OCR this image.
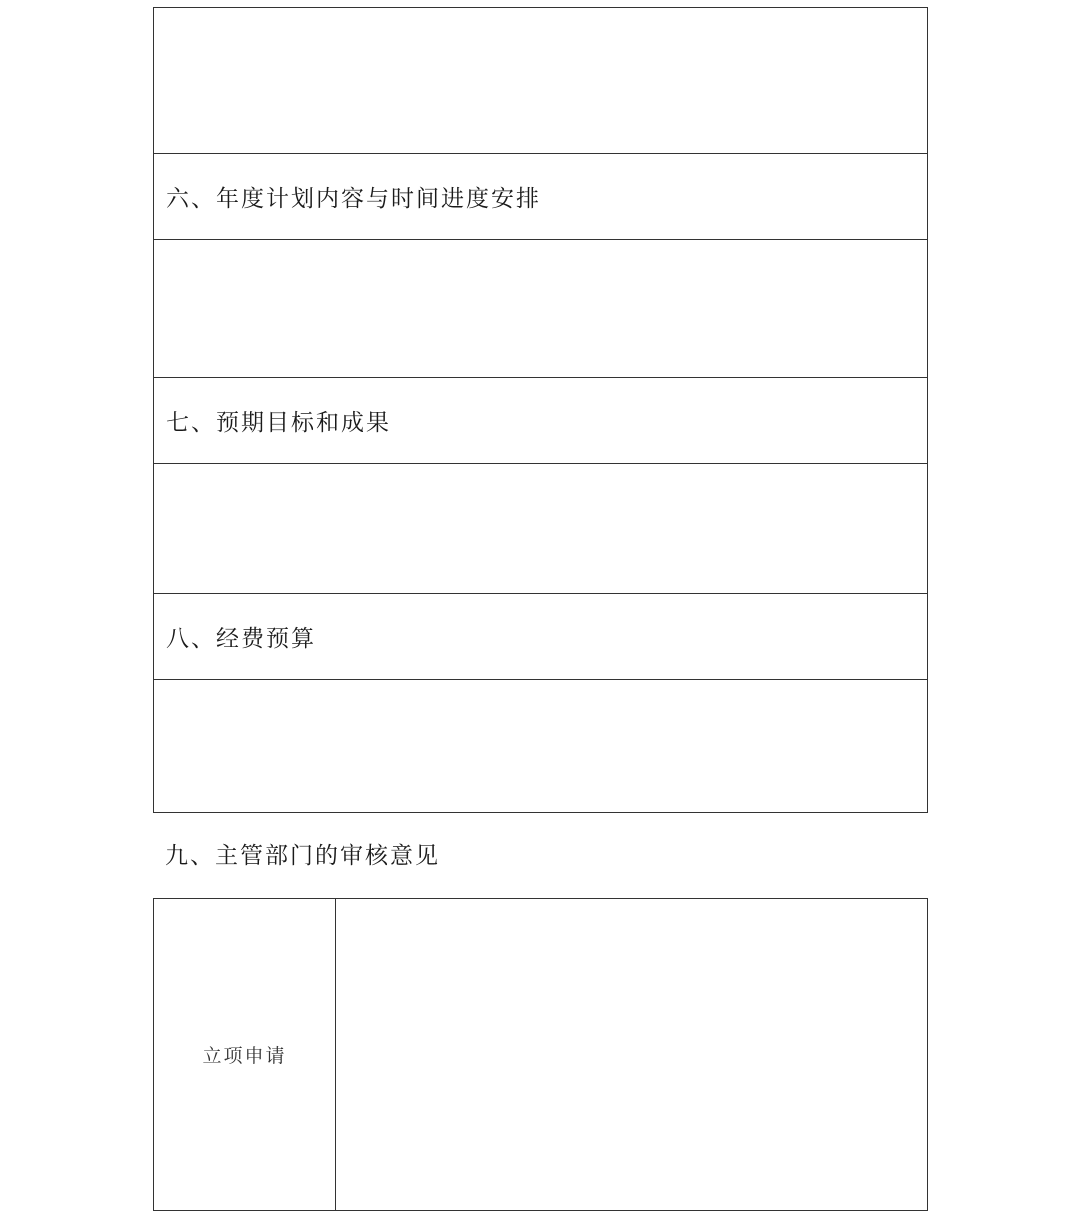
六、年度计划内容与时间进度安排
七、预期目标和成果
八、经费预算
九、主管部门的审核意见
立项申请
